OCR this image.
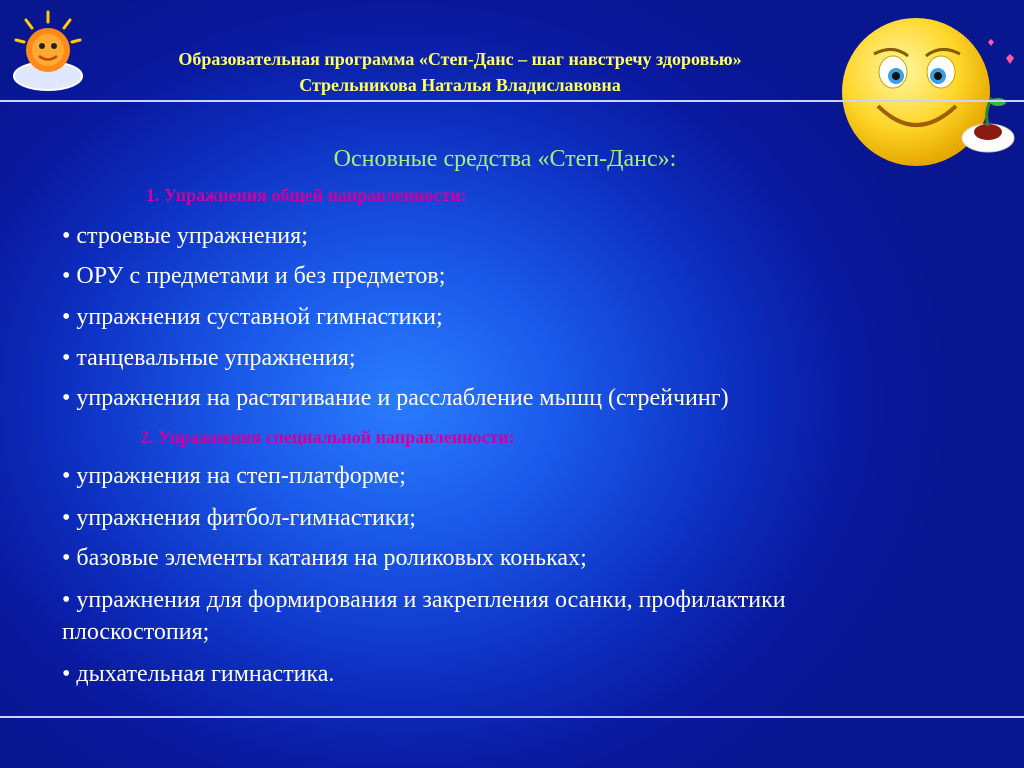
Образовательная программа «Степ-Данс – шаг навстречу здоровью»
Стрельникова Наталья Владиславовна
Основные средства «Степ-Данс»:
1. Упражнения общей направленности:
• строевые упражнения;
• ОРУ с предметами и без предметов;
• упражнения суставной гимнастики;
• танцевальные упражнения;
• упражнения на растягивание и расслабление мышц (стрейчинг)
2. Упражнения специальной направленности:
• упражнения на степ-платформе;
• упражнения фитбол-гимнастики;
• базовые элементы катания на роликовых коньках;
• упражнения для формирования и закрепления осанки, профилактики
плоскостопия;
• дыхательная гимнастика.
